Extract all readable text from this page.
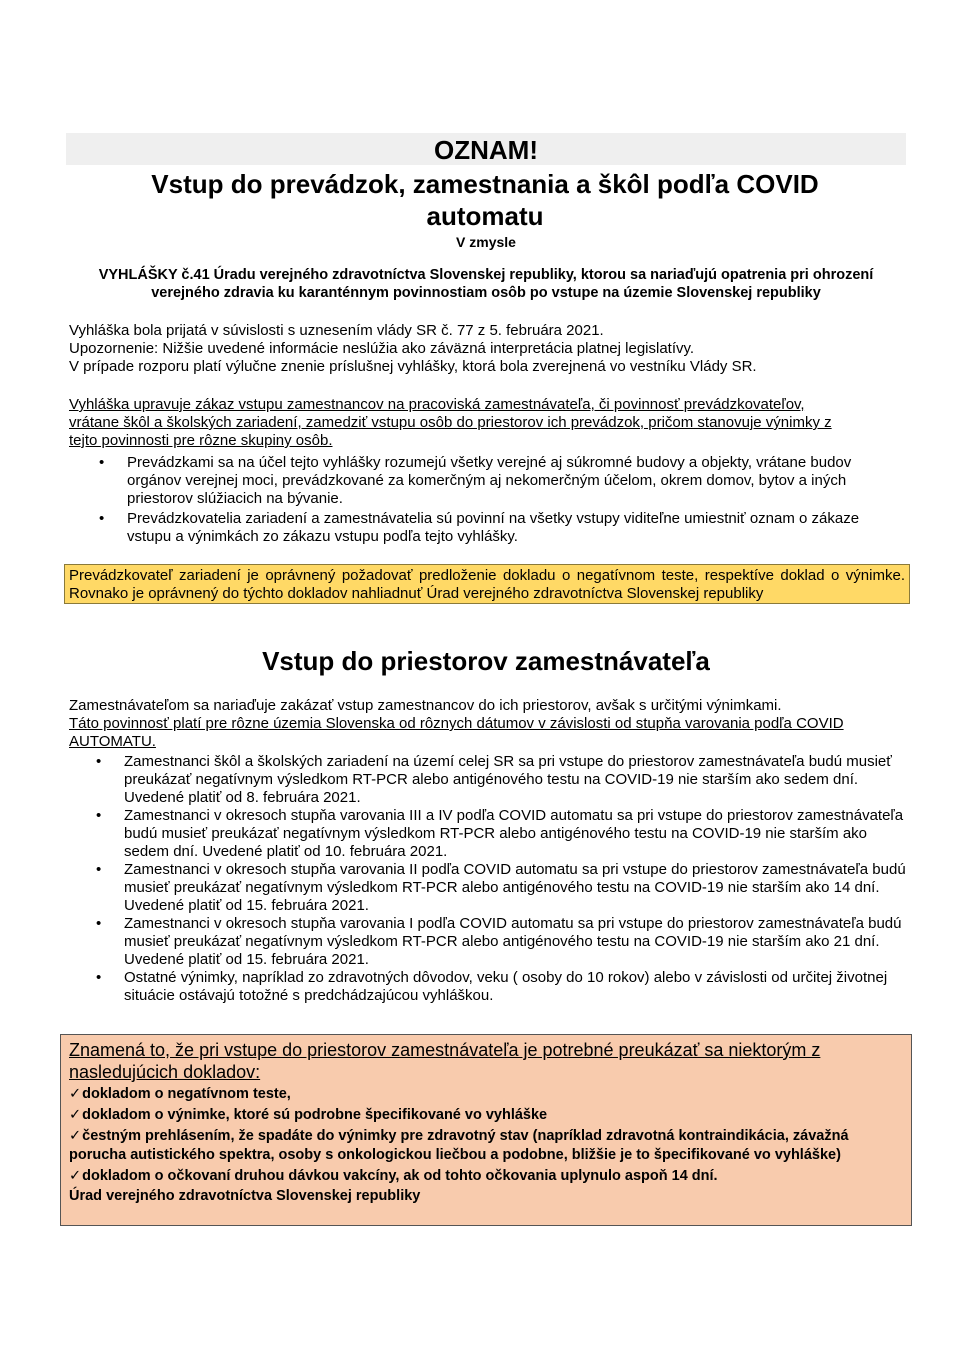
OZNAM!
Vstup do prevádzok, zamestnania a škôl podľa COVID automatu
V zmysle
VYHLÁŠKY č.41 Úradu verejného zdravotníctva Slovenskej republiky, ktorou sa nariaďujú opatrenia pri ohrození verejného zdravia ku karanténnym povinnostiam osôb po vstupe na územie Slovenskej republiky
Vyhláška bola prijatá v súvislosti s uznesením vlády SR č. 77 z 5. februára 2021.
Upozornenie: Nižšie uvedené informácie neslúžia ako záväzná interpretácia platnej legislatívy.
V prípade rozporu platí výlučne znenie príslušnej vyhlášky, ktorá bola zverejnená vo vestníku Vlády SR.
Vyhláška upravuje zákaz vstupu zamestnancov na pracoviská zamestnávateľa, či povinnosť prevádzkovateľov,
vrátane škôl a školských zariadení, zamedziť vstupu osôb do priestorov ich prevádzok, pričom stanovuje výnimky z
tejto povinnosti pre rôzne skupiny osôb.
• Prevádzkami sa na účel tejto vyhlášky rozumejú všetky verejné aj súkromné budovy a objekty, vrátane budov orgánov verejnej moci, prevádzkované za komerčným aj nekomerčným účelom, okrem domov, bytov a iných priestorov slúžiacich na bývanie.
• Prevádzkovatelia zariadení a zamestnávatelia sú povinní na všetky vstupy viditeľne umiestniť oznam o zákaze vstupu a výnimkách zo zákazu vstupu podľa tejto vyhlášky.
Prevádzkovateľ zariadení je oprávnený požadovať predloženie dokladu o negatívnom teste, respektíve doklad o výnimke. Rovnako je oprávnený do týchto dokladov nahliadnuť Úrad verejného zdravotníctva Slovenskej republiky
Vstup do priestorov zamestnávateľa
Zamestnávateľom sa nariaďuje zakázať vstup zamestnancov do ich priestorov, avšak s určitými výnimkami.
Táto povinnosť platí pre rôzne územia Slovenska od rôznych dátumov v závislosti od stupňa varovania podľa COVID
AUTOMATU.
• Zamestnanci škôl a školských zariadení na území celej SR sa pri vstupe do priestorov zamestnávateľa budú musieť preukázať negatívnym výsledkom RT-PCR alebo antigénového testu na COVID-19 nie starším ako sedem dní. Uvedené platiť od 8. februára 2021.
• Zamestnanci v okresoch stupňa varovania III a IV podľa COVID automatu sa pri vstupe do priestorov zamestnávateľa budú musieť preukázať negatívnym výsledkom RT-PCR alebo antigénového testu na COVID-19 nie starším ako sedem dní. Uvedené platiť od 10. februára 2021.
• Zamestnanci v okresoch stupňa varovania II podľa COVID automatu sa pri vstupe do priestorov zamestnávateľa budú musieť preukázať negatívnym výsledkom RT-PCR alebo antigénového testu na COVID-19 nie starším ako 14 dní. Uvedené platiť od 15. februára 2021.
• Zamestnanci v okresoch stupňa varovania I podľa COVID automatu sa pri vstupe do priestorov zamestnávateľa budú musieť preukázať negatívnym výsledkom RT-PCR alebo antigénového testu na COVID-19 nie starším ako 21 dní. Uvedené platiť od 15. februára 2021.
• Ostatné výnimky, napríklad zo zdravotných dôvodov, veku ( osoby do 10 rokov) alebo v závislosti od určitej životnej situácie ostávajú totožné s predchádzajúcou vyhláškou.
Znamená to, že pri vstupe do priestorov zamestnávateľa je potrebné preukázať sa niektorým z nasledujúcich dokladov:
✓dokladom o negatívnom teste,
✓dokladom o výnimke, ktoré sú podrobne špecifikované vo vyhláške
✓čestným prehlásením, že spadáte do výnimky pre zdravotný stav (napríklad zdravotná kontraindikácia, závažná porucha autistického spektra, osoby s onkologickou liečbou a podobne, bližšie je to špecifikované vo vyhláške)
✓dokladom o očkovaní druhou dávkou vakcíny, ak od tohto očkovania uplynulo aspoň 14 dní.
Úrad verejného zdravotníctva Slovenskej republiky
